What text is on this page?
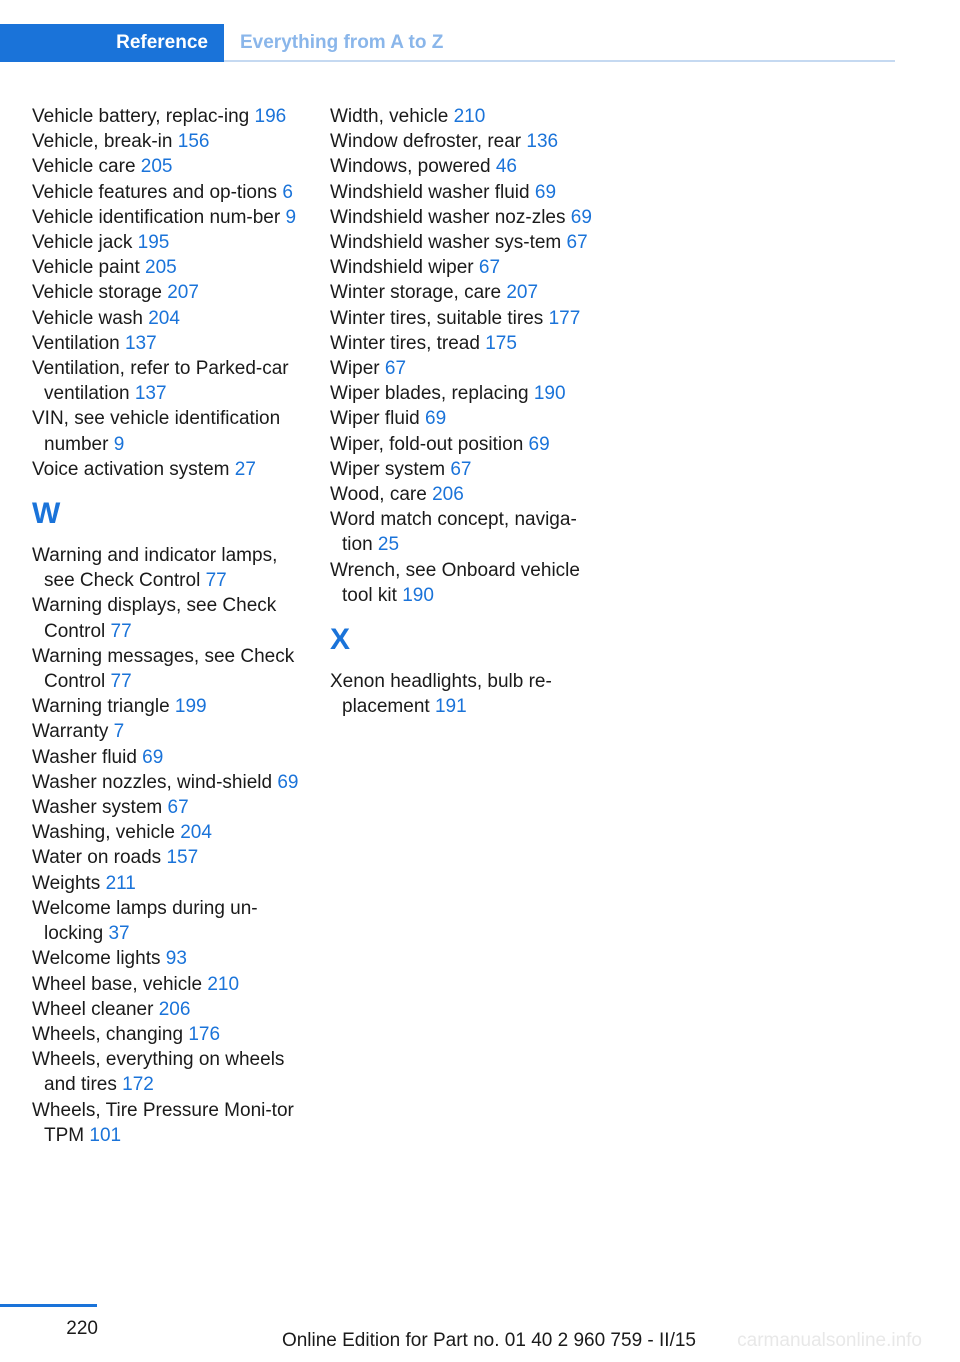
Reference	Everything from A to Z

Vehicle battery, replac-ing 196

Vehicle, break-in 156

Vehicle care 205

Vehicle features and op-tions 6

Vehicle identification num-ber 9

Vehicle jack 195

Vehicle paint 205

Vehicle storage 207

Vehicle wash 204

Ventilation 137

Ventilation, refer to Parked-car ventilation 137

VIN, see vehicle identification number 9

Voice activation system 27

W

Warning and indicator lamps, see Check Control 77

Warning displays, see Check Control 77

Warning messages, see Check Control 77

Warning triangle 199

Warranty 7

Washer fluid 69

Washer nozzles, wind-shield 69

Washer system 67

Washing, vehicle 204

Water on roads 157

Weights 211

Welcome lamps during un-locking 37

Welcome lights 93

Wheel base, vehicle 210

Wheel cleaner 206

Wheels, changing 176

Wheels, everything on wheels and tires 172

Wheels, Tire Pressure Moni-tor TPM 101

Width, vehicle 210

Window defroster, rear 136

Windows, powered 46

Windshield washer fluid 69

Windshield washer noz-zles 69

Windshield washer sys-tem 67

Windshield wiper 67

Winter storage, care 207

Winter tires, suitable tires 177

Winter tires, tread 175

Wiper 67

Wiper blades, replacing 190

Wiper fluid 69

Wiper, fold-out position 69

Wiper system 67

Wood, care 206

Word match concept, naviga-tion 25

Wrench, see Onboard vehicle tool kit 190

X

Xenon headlights, bulb re-placement 191

220
Online Edition for Part no. 01 40 2 960 759 - II/15 carmanualsonline.info
